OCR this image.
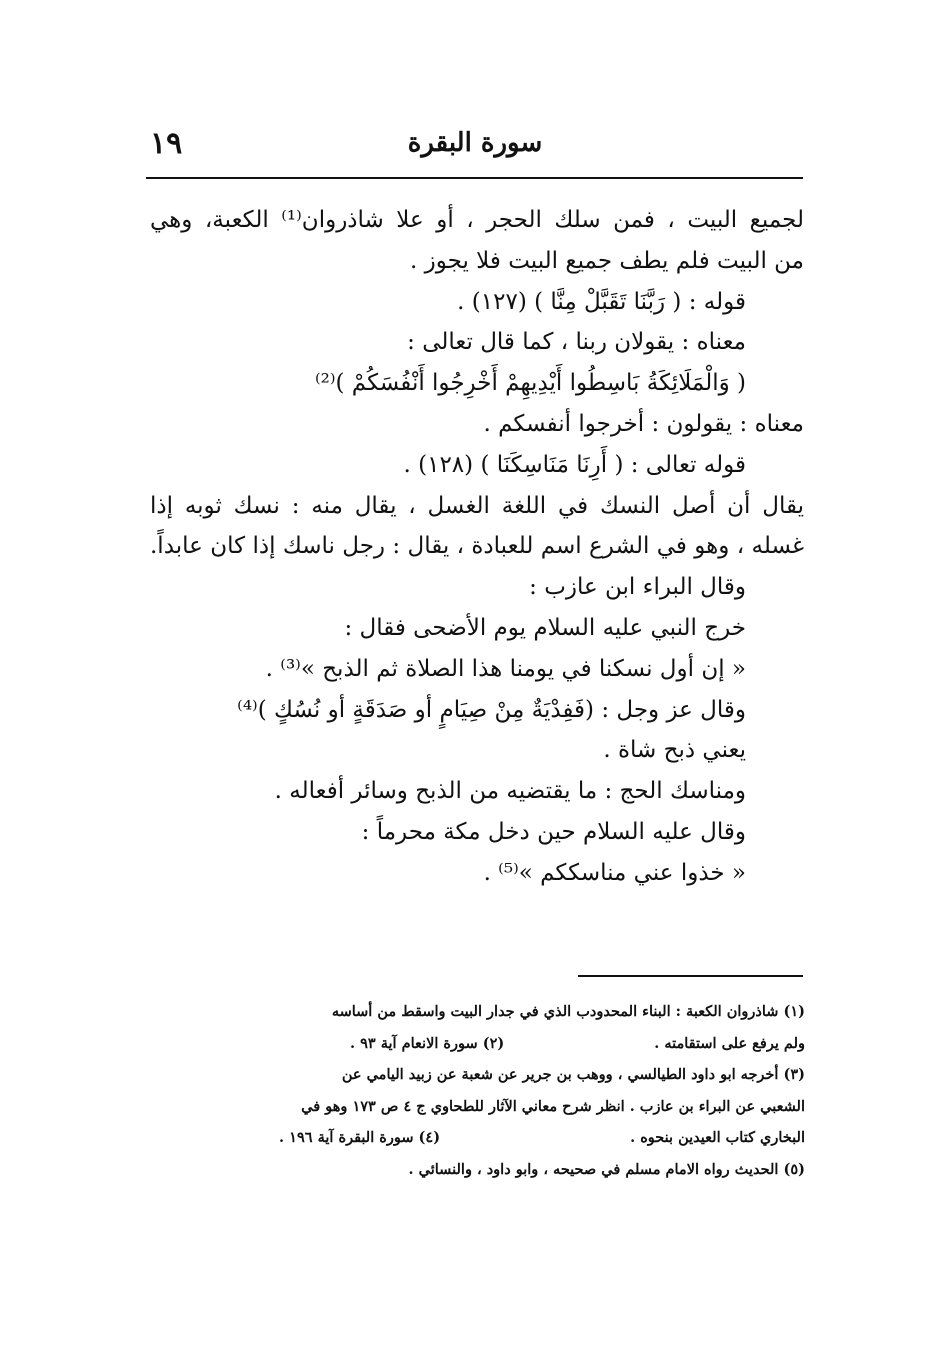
سورة البقرة
١٩
لجميع البيت ، فمن سلك الحجر ، أو علا شاذروان⁽¹⁾ الكعبة، وهي
من البيت فلم يطف جميع البيت فلا يجوز .
قوله : ( رَبَّنَا تَقَبَّلْ مِنَّا ) (١٢٧) .
معناه : يقولان ربنا ، كما قال تعالى :
( وَالْمَلَائِكَةُ بَاسِطُوا أَيْدِيهِمْ أَخْرِجُوا أَنْفُسَكُمْ )⁽²⁾
معناه : يقولون : أخرجوا أنفسكم .
قوله تعالى : ( أَرِنَا مَنَاسِكَنَا ) (١٢٨) .
يقال أن أصل النسك في اللغة الغسل ، يقال منه : نسك ثوبه إذا
غسله ، وهو في الشرع اسم للعبادة ، يقال : رجل ناسك إذا كان عابداً.
وقال البراء ابن عازب :
خرج النبي عليه السلام يوم الأضحى فقال :
« إن أول نسكنا في يومنا هذا الصلاة ثم الذبح »⁽³⁾ .
وقال عز وجل : (فَفِدْيَةٌ مِنْ صِيَامٍ أو صَدَقَةٍ أو نُسُكٍ )⁽⁴⁾
يعني ذبح شاة .
ومناسك الحج : ما يقتضيه من الذبح وسائر أفعاله .
وقال عليه السلام حين دخل مكة محرماً :
« خذوا عني مناسككم »⁽⁵⁾ .
(١) شاذروان الكعبة : البناء المحدودب الذي في جدار البيت واسقط من أساسه
ولم يرفع على استقامته .
(٢) سورة الانعام آية ٩٣ .
(٣) أخرجه ابو داود الطيالسي ، ووهب بن جرير عن شعبة عن زبيد اليامي عن
الشعبي عن البراء بن عازب . انظر شرح معاني الآثار للطحاوي ج ٤ ص ١٧٣ وهو في
البخاري كتاب العيدين بنحوه .
(٤) سورة البقرة آية ١٩٦ .
(٥) الحديث رواه الامام مسلم في صحيحه ، وابو داود ، والنسائي .
